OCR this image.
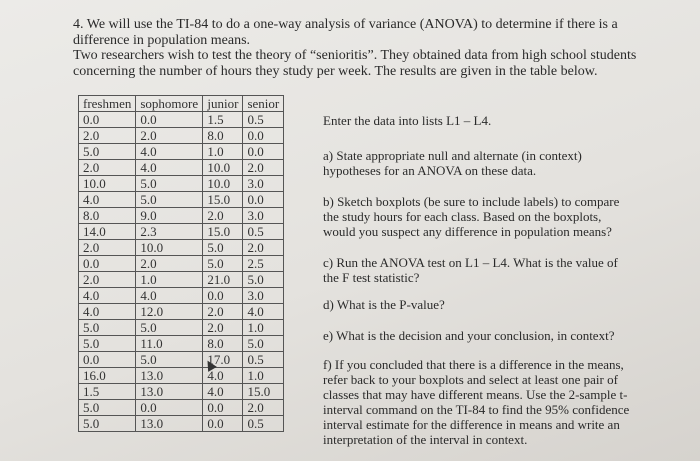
4. We will use the TI-84 to do a one-way analysis of variance (ANOVA) to determine if there is a difference in population means.
Two researchers wish to test the theory of “senioritis”. They obtained data from high school students concerning the number of hours they study per week. The results are given in the table below.
freshmen	sophomore	junior	senior
0.0	0.0	1.5	0.5
2.0	2.0	8.0	0.0
5.0	4.0	1.0	0.0
2.0	4.0	10.0	2.0
10.0	5.0	10.0	3.0
4.0	5.0	15.0	0.0
8.0	9.0	2.0	3.0
14.0	2.3	15.0	0.5
2.0	10.0	5.0	2.0
0.0	2.0	5.0	2.5
2.0	1.0	21.0	5.0
4.0	4.0	0.0	3.0
4.0	12.0	2.0	4.0
5.0	5.0	2.0	1.0
5.0	11.0	8.0	5.0
0.0	5.0	17.0	0.5
16.0	13.0	4.0	1.0
1.5	13.0	4.0	15.0
5.0	0.0	0.0	2.0
5.0	13.0	0.0	0.5
Enter the data into lists L1 – L4.
a) State appropriate null and alternate (in context) hypotheses for an ANOVA on these data.
b) Sketch boxplots (be sure to include labels) to compare the study hours for each class. Based on the boxplots, would you suspect any difference in population means?
c) Run the ANOVA test on L1 – L4. What is the value of the F test statistic?
d) What is the P-value?
e) What is the decision and your conclusion, in context?
f) If you concluded that there is a difference in the means, refer back to your boxplots and select at least one pair of classes that may have different means. Use the 2-sample t-interval command on the TI-84 to find the 95% confidence interval estimate for the difference in means and write an interpretation of the interval in context.
